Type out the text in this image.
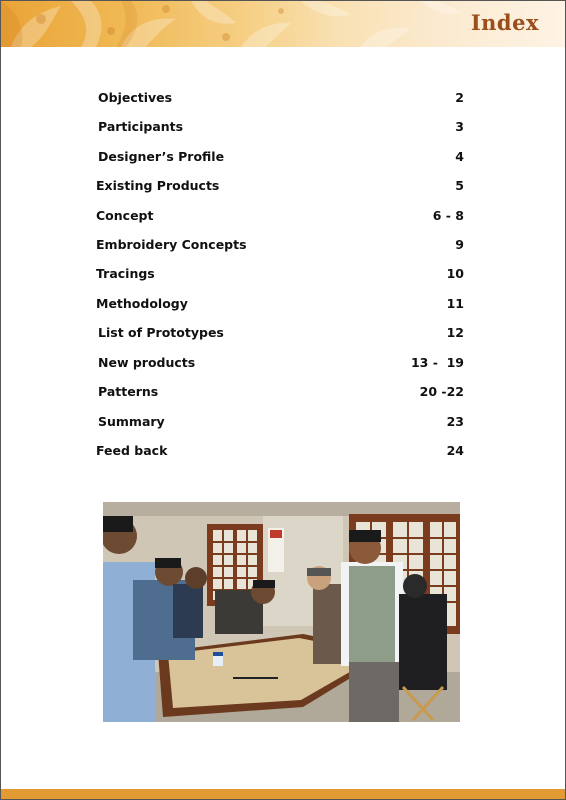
Index
Objectives	2
Participants	3
Designer’s Profile	4
Existing Products	5
Concept	6 - 8
Embroidery Concepts	9
Tracings	10
Methodology	11
List of Prototypes	12
New products	13 -  19
Patterns	20 -22
Summary	23
Feed back	24
